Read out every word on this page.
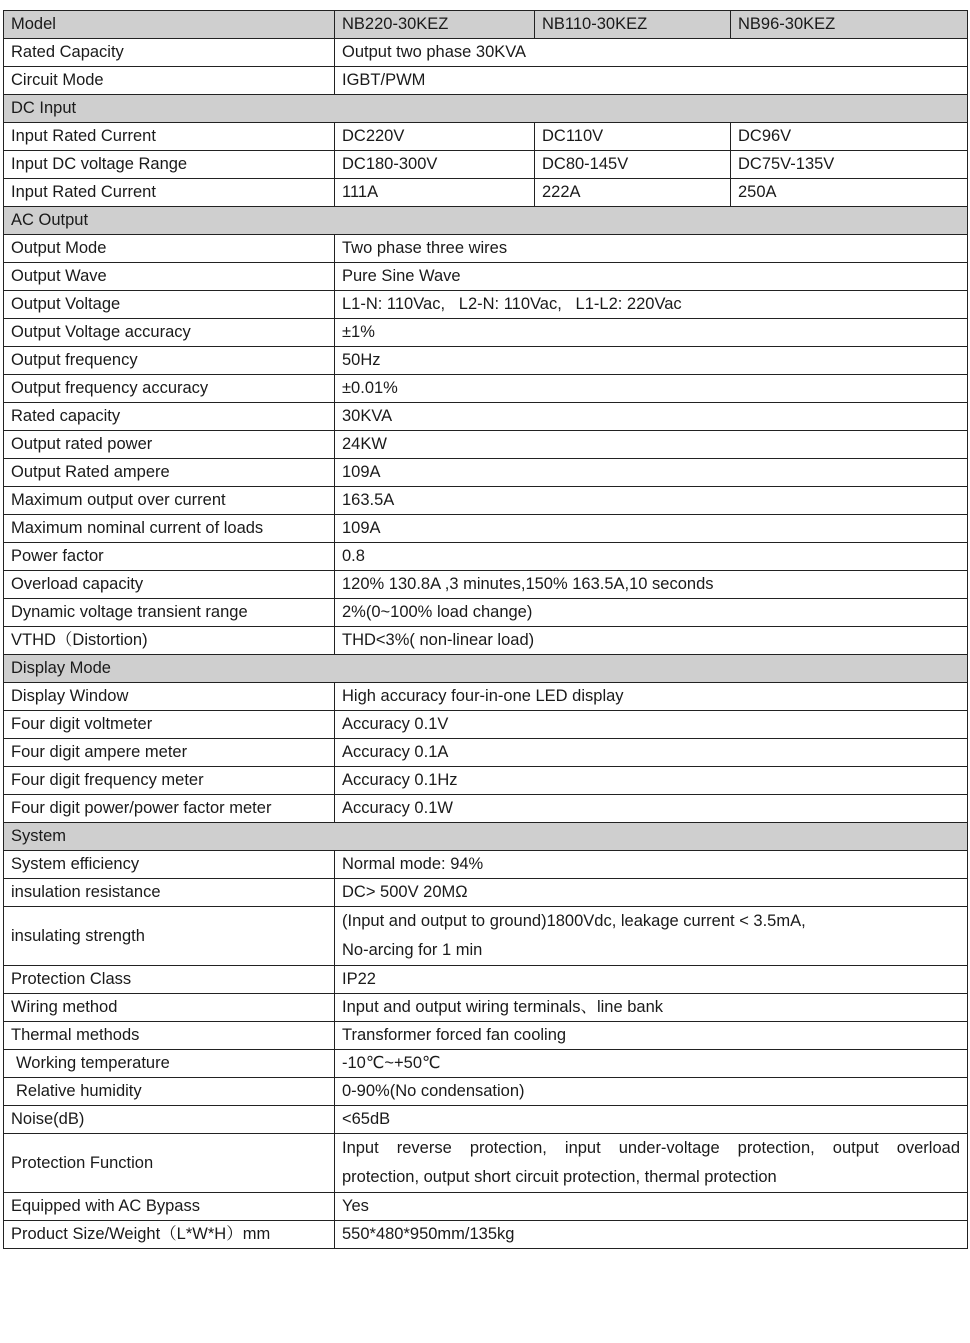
Model	NB220-30KEZ	NB110-30KEZ	NB96-30KEZ
Rated Capacity	Output two phase 30KVA		
Circuit Mode	IGBT/PWM		
DC Input			
Input Rated Current	DC220V	DC110V	DC96V
Input DC voltage Range	DC180-300V	DC80-145V	DC75V-135V
Input Rated Current	111A	222A	250A
AC Output			
Output Mode	Two phase three wires		
Output Wave	Pure Sine Wave		
Output Voltage	L1-N: 110Vac,   L2-N: 110Vac,   L1-L2: 220Vac		
Output Voltage accuracy	±1%		
Output frequency	50Hz		
Output frequency accuracy	±0.01%		
Rated capacity	30KVA		
Output rated power	24KW		
Output Rated ampere	109A		
Maximum output over current	163.5A		
Maximum nominal current of loads	109A		
Power factor	0.8		
Overload capacity	120% 130.8A ,3 minutes,150% 163.5A,10 seconds		
Dynamic voltage transient range	2%(0~100% load change)		
VTHD（Distortion)	THD<3%( non-linear load)		
Display Mode			
Display Window	High accuracy four-in-one LED display		
Four digit voltmeter	Accuracy 0.1V		
Four digit ampere meter	Accuracy 0.1A		
Four digit frequency meter	Accuracy 0.1Hz		
Four digit power/power factor meter	Accuracy 0.1W		
System			
System efficiency	Normal mode: 94%		
insulation resistance	DC> 500V 20MΩ		
insulating strength	(Input and output to ground)1800Vdc, leakage current < 3.5mA,
No-arcing for 1 min		

Protection Class	IP22		
Wiring method	Input and output wiring terminals、line bank		
Thermal methods	Transformer forced fan cooling		
Working temperature	-10℃~+50℃		
Relative humidity	0-90%(No condensation)		
Noise(dB)	<65dB		
Protection Function	Input reverse protection, input under-voltage protection, output overload
protection, output short circuit protection, thermal protection		

Equipped with AC Bypass	Yes		
Product Size/Weight（L*W*H）mm	550*480*950mm/135kg		
